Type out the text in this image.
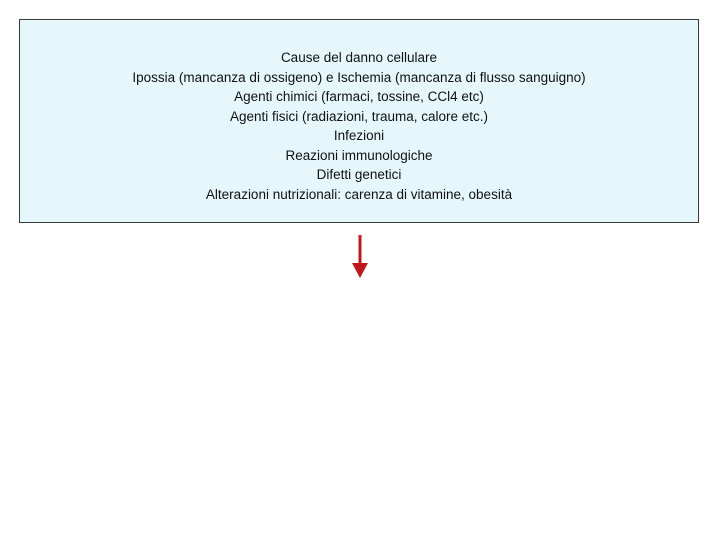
Cause del danno cellulare

Ipossia (mancanza di ossigeno) e Ischemia (mancanza di flusso sanguigno)
Agenti chimici (farmaci, tossine, CCl4 etc)
Agenti fisici (radiazioni, trauma, calore etc.)
Infezioni
Reazioni immunologiche
Difetti genetici
Alterazioni nutrizionali: carenza di vitamine, obesità
